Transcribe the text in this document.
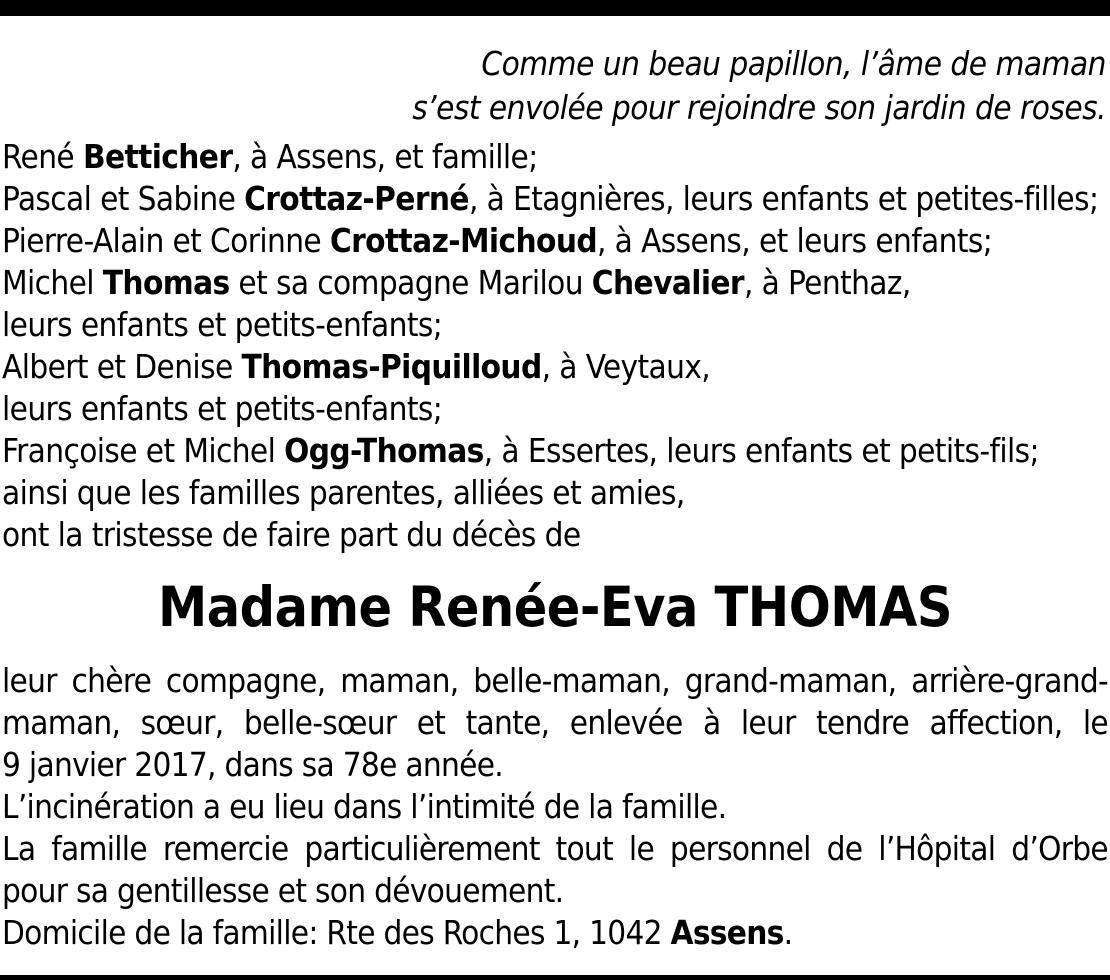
Comme un beau papillon, l’âme de maman
s’est envolée pour rejoindre son jardin de roses.
René Betticher, à Assens, et famille;
Pascal et Sabine Crottaz-Perné, à Etagnières, leurs enfants et petites-filles;
Pierre-Alain et Corinne Crottaz-Michoud, à Assens, et leurs enfants;
Michel Thomas et sa compagne Marilou Chevalier, à Penthaz,
leurs enfants et petits-enfants;
Albert et Denise Thomas-Piquilloud, à Veytaux,
leurs enfants et petits-enfants;
Françoise et Michel Ogg-Thomas, à Essertes, leurs enfants et petits-fils;
ainsi que les familles parentes, alliées et amies,
ont la tristesse de faire part du décès de
Madame Renée-Eva THOMAS
leur chère compagne, maman, belle-maman, grand-maman, arrière-grand-
maman, sœur, belle-sœur et tante, enlevée à leur tendre affection, le
9 janvier 2017, dans sa 78e année.
L’incinération a eu lieu dans l’intimité de la famille.
La famille remercie particulièrement tout le personnel de l’Hôpital d’Orbe
pour sa gentillesse et son dévouement.
Domicile de la famille: Rte des Roches 1, 1042 Assens.
